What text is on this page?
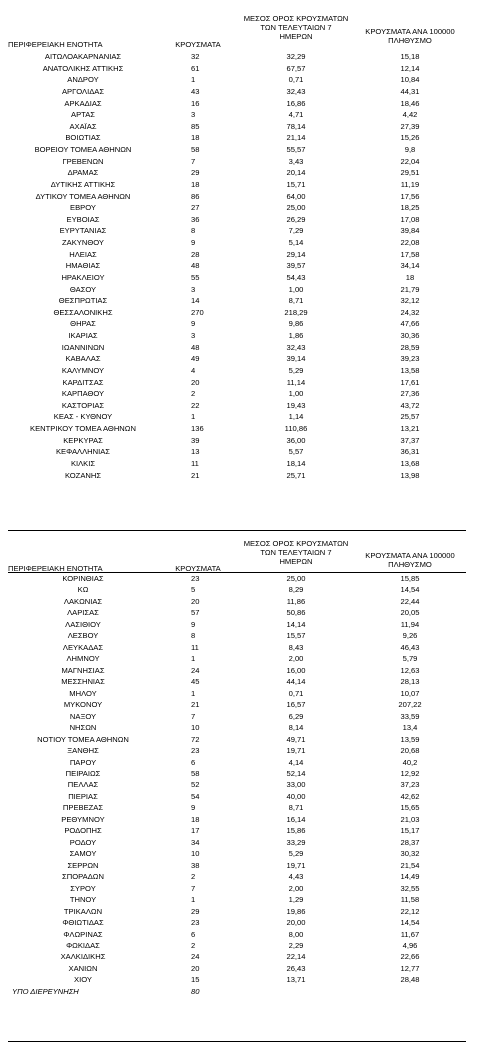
ΠΕΡΙΦΕΡΕΙΑΚΗ ΕΝΟΤΗΤΑ	ΚΡΟΥΣΜΑΤΑ
ΜΕΣΟΣ ΟΡΟΣ ΚΡΟΥΣΜΑΤΩΝ
ΤΩΝ ΤΕΛΕΥΤΑΙΩΝ 7
ΗΜΕΡΩΝ
ΚΡΟΥΣΜΑΤΑ ΑΝΑ 100000
ΠΛΗΘΥΣΜΟ
ΑΙΤΩΛΟΑΚΑΡΝΑΝΙΑΣ	32	32,29	15,18
ΑΝΑΤΟΛΙΚΗΣ ΑΤΤΙΚΗΣ	61	67,57	12,14
ΑΝΔΡΟΥ	1	0,71	10,84
ΑΡΓΟΛΙΔΑΣ	43	32,43	44,31
ΑΡΚΑΔΙΑΣ	16	16,86	18,46
ΑΡΤΑΣ	3	4,71	4,42
ΑΧΑΪΑΣ	85	78,14	27,39
ΒΟΙΩΤΙΑΣ	18	21,14	15,26
ΒΟΡΕΙΟΥ ΤΟΜΕΑ ΑΘΗΝΩΝ	58	55,57	9,8
ΓΡΕΒΕΝΩΝ	7	3,43	22,04
ΔΡΑΜΑΣ	29	20,14	29,51
ΔΥΤΙΚΗΣ ΑΤΤΙΚΗΣ	18	15,71	11,19
ΔΥΤΙΚΟΥ ΤΟΜΕΑ ΑΘΗΝΩΝ	86	64,00	17,56
ΕΒΡΟΥ	27	25,00	18,25
ΕΥΒΟΙΑΣ	36	26,29	17,08
ΕΥΡΥΤΑΝΙΑΣ	8	7,29	39,84
ΖΑΚΥΝΘΟΥ	9	5,14	22,08
ΗΛΕΙΑΣ	28	29,14	17,58
ΗΜΑΘΙΑΣ	48	39,57	34,14
ΗΡΑΚΛΕΙΟΥ	55	54,43	18
ΘΑΣΟΥ	3	1,00	21,79
ΘΕΣΠΡΩΤΙΑΣ	14	8,71	32,12
ΘΕΣΣΑΛΟΝΙΚΗΣ	270	218,29	24,32
ΘΗΡΑΣ	9	9,86	47,66
ΙΚΑΡΙΑΣ	3	1,86	30,36
ΙΩΑΝΝΙΝΩΝ	48	32,43	28,59
ΚΑΒΑΛΑΣ	49	39,14	39,23
ΚΑΛΥΜΝΟΥ	4	5,29	13,58
ΚΑΡΔΙΤΣΑΣ	20	11,14	17,61
ΚΑΡΠΑΘΟΥ	2	1,00	27,36
ΚΑΣΤΟΡΙΑΣ	22	19,43	43,72
ΚΕΑΣ - ΚΥΘΝΟΥ	1	1,14	25,57
ΚΕΝΤΡΙΚΟΥ ΤΟΜΕΑ ΑΘΗΝΩΝ	136	110,86	13,21
ΚΕΡΚΥΡΑΣ	39	36,00	37,37
ΚΕΦΑΛΛΗΝΙΑΣ	13	5,57	36,31
ΚΙΛΚΙΣ	11	18,14	13,68
ΚΟΖΑΝΗΣ	21	25,71	13,98
ΠΕΡΙΦΕΡΕΙΑΚΗ ΕΝΟΤΗΤΑ	ΚΡΟΥΣΜΑΤΑ
ΜΕΣΟΣ ΟΡΟΣ ΚΡΟΥΣΜΑΤΩΝ
ΤΩΝ ΤΕΛΕΥΤΑΙΩΝ 7
ΗΜΕΡΩΝ
ΚΡΟΥΣΜΑΤΑ ΑΝΑ 100000
ΠΛΗΘΥΣΜΟ
ΚΟΡΙΝΘΙΑΣ	23	25,00	15,85
ΚΩ	5	8,29	14,54
ΛΑΚΩΝΙΑΣ	20	11,86	22,44
ΛΑΡΙΣΑΣ	57	50,86	20,05
ΛΑΣΙΘΙΟΥ	9	14,14	11,94
ΛΕΣΒΟΥ	8	15,57	9,26
ΛΕΥΚΑΔΑΣ	11	8,43	46,43
ΛΗΜΝΟΥ	1	2,00	5,79
ΜΑΓΝΗΣΙΑΣ	24	16,00	12,63
ΜΕΣΣΗΝΙΑΣ	45	44,14	28,13
ΜΗΛΟΥ	1	0,71	10,07
ΜΥΚΟΝΟΥ	21	16,57	207,22
ΝΑΞΟΥ	7	6,29	33,59
ΝΗΣΩΝ	10	8,14	13,4
ΝΟΤΙΟΥ ΤΟΜΕΑ ΑΘΗΝΩΝ	72	49,71	13,59
ΞΑΝΘΗΣ	23	19,71	20,68
ΠΑΡΟΥ	6	4,14	40,2
ΠΕΙΡΑΙΩΣ	58	52,14	12,92
ΠΕΛΛΑΣ	52	33,00	37,23
ΠΙΕΡΙΑΣ	54	40,00	42,62
ΠΡΕΒΕΖΑΣ	9	8,71	15,65
ΡΕΘΥΜΝΟΥ	18	16,14	21,03
ΡΟΔΟΠΗΣ	17	15,86	15,17
ΡΟΔΟΥ	34	33,29	28,37
ΣΑΜΟΥ	10	5,29	30,32
ΣΕΡΡΩΝ	38	19,71	21,54
ΣΠΟΡΑΔΩΝ	2	4,43	14,49
ΣΥΡΟΥ	7	2,00	32,55
ΤΗΝΟΥ	1	1,29	11,58
ΤΡΙΚΑΛΩΝ	29	19,86	22,12
ΦΘΙΩΤΙΔΑΣ	23	20,00	14,54
ΦΛΩΡΙΝΑΣ	6	8,00	11,67
ΦΩΚΙΔΑΣ	2	2,29	4,96
ΧΑΛΚΙΔΙΚΗΣ	24	22,14	22,66
ΧΑΝΙΩΝ	20	26,43	12,77
ΧΙΟΥ	15	13,71	28,48
ΥΠΟ ΔΙΕΡΕΥΝΗΣΗ	80
